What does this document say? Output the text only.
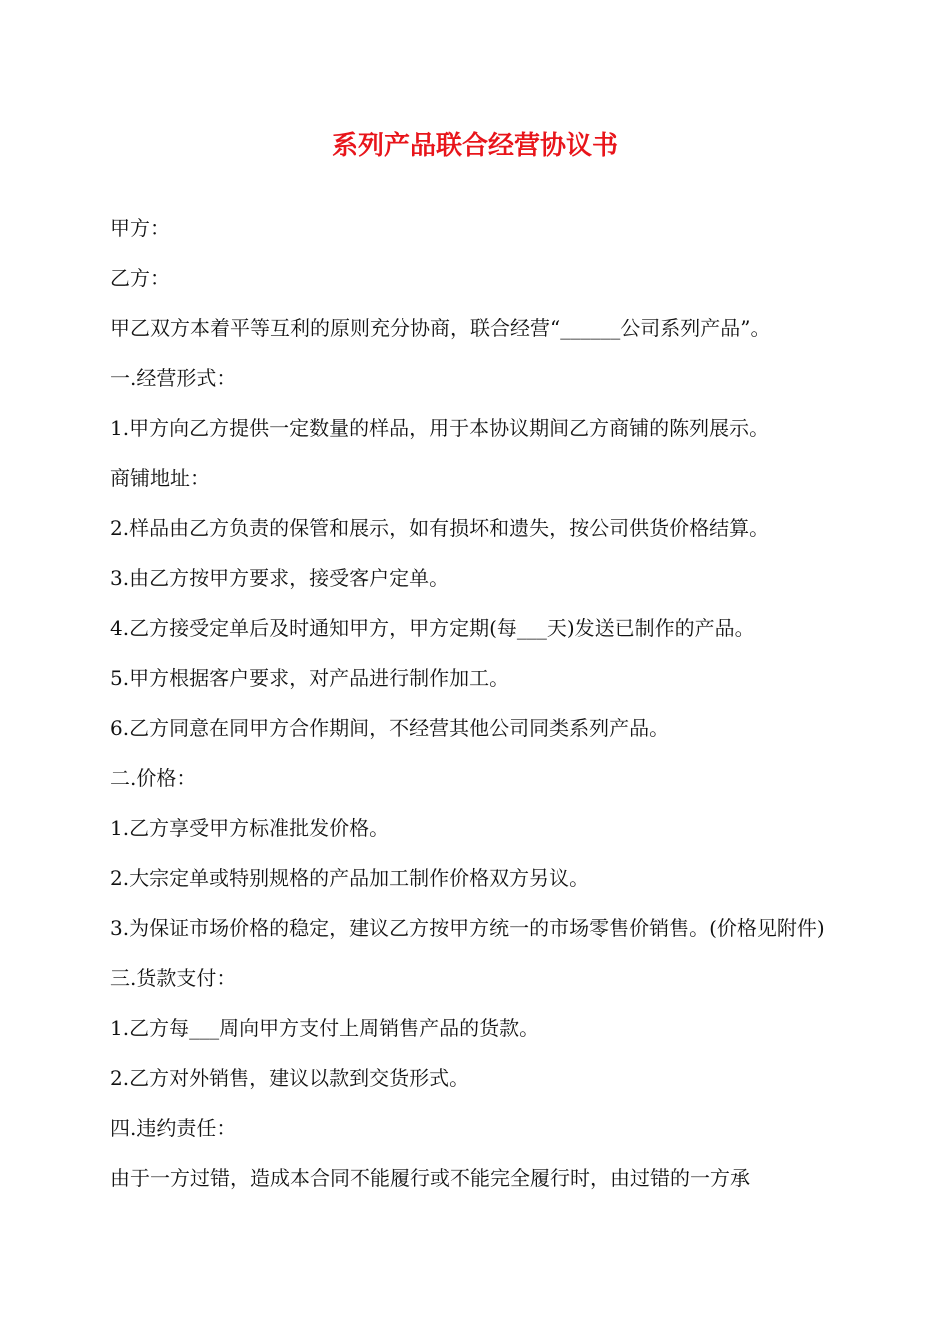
系列产品联合经营协议书

甲方：

乙方：

甲乙双方本着平等互利的原则充分协商，联合经营“______公司系列产品”。

一.经营形式：

1.甲方向乙方提供一定数量的样品，用于本协议期间乙方商铺的陈列展示。

商铺地址：

2.样品由乙方负责的保管和展示，如有损坏和遗失，按公司供货价格结算。

3.由乙方按甲方要求，接受客户定单。

4.乙方接受定单后及时通知甲方，甲方定期(每___天)发送已制作的产品。

5.甲方根据客户要求，对产品进行制作加工。

6.乙方同意在同甲方合作期间，不经营其他公司同类系列产品。

二.价格：

1.乙方享受甲方标准批发价格。

2.大宗定单或特别规格的产品加工制作价格双方另议。

3.为保证市场价格的稳定，建议乙方按甲方统一的市场零售价销售。(价格见附件)

三.货款支付：

1.乙方每___周向甲方支付上周销售产品的货款。

2.乙方对外销售，建议以款到交货形式。

四.违约责任：

由于一方过错，造成本合同不能履行或不能完全履行时，由过错的一方承
